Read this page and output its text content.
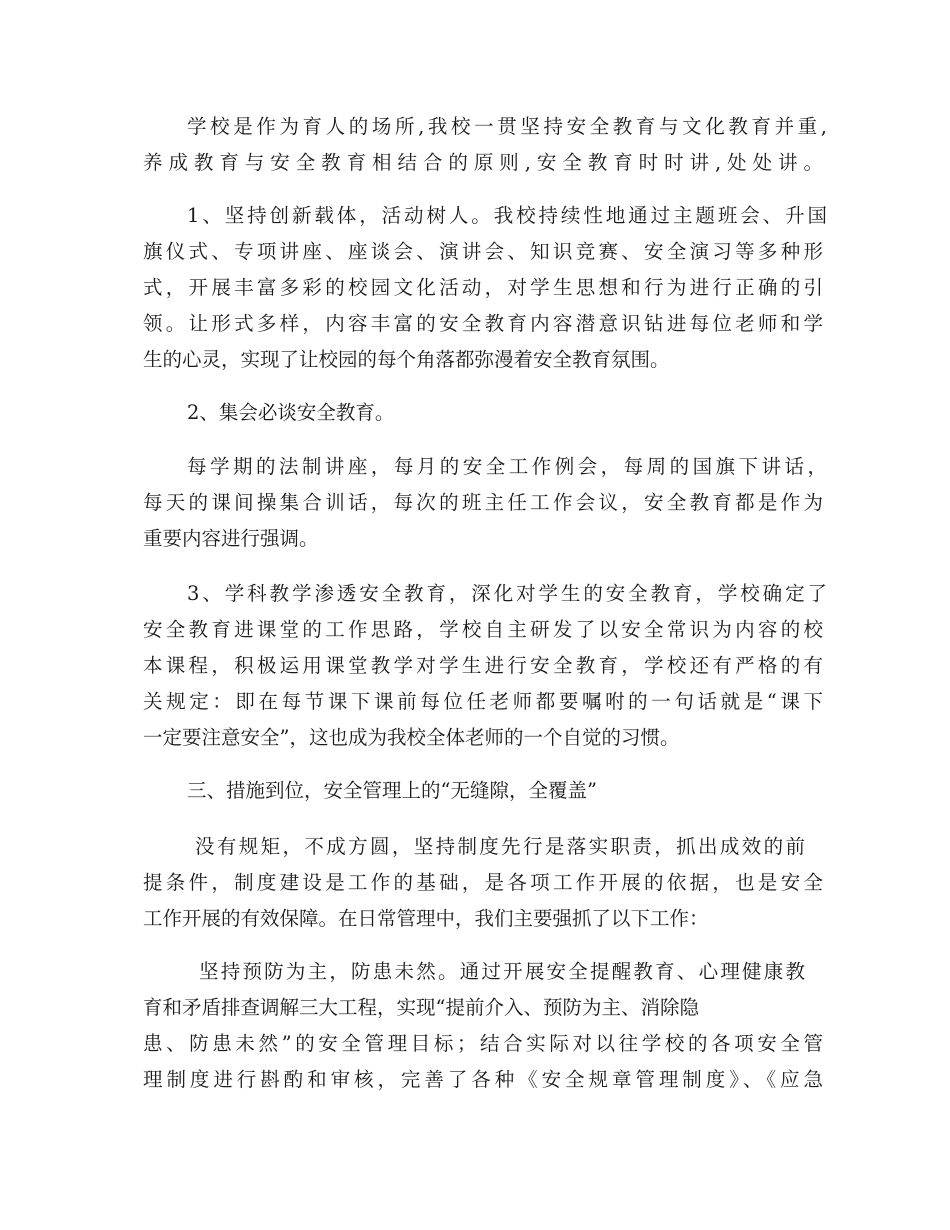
学校是作为育人的场所,我校一贯坚持安全教育与文化教育并重,
养成教育与安全教育相结合的原则,安全教育时时讲,处处讲。
1、坚持创新载体，活动树人。我校持续性地通过主题班会、升国
旗仪式、专项讲座、座谈会、演讲会、知识竞赛、安全演习等多种形
式，开展丰富多彩的校园文化活动，对学生思想和行为进行正确的引
领。让形式多样，内容丰富的安全教育内容潜意识钻进每位老师和学
生的心灵，实现了让校园的每个角落都弥漫着安全教育氛围。
2、集会必谈安全教育。
每学期的法制讲座，每月的安全工作例会，每周的国旗下讲话，
每天的课间操集合训话，每次的班主任工作会议，安全教育都是作为
重要内容进行强调。
3、学科教学渗透安全教育，深化对学生的安全教育，学校确定了
安全教育进课堂的工作思路，学校自主研发了以安全常识为内容的校
本课程，积极运用课堂教学对学生进行安全教育，学校还有严格的有
关规定：即在每节课下课前每位任老师都要嘱咐的一句话就是“课下
一定要注意安全”，这也成为我校全体老师的一个自觉的习惯。
三、措施到位，安全管理上的“无缝隙，全覆盖”
没有规矩，不成方圆，坚持制度先行是落实职责，抓出成效的前
提条件，制度建设是工作的基础，是各项工作开展的依据，也是安全
工作开展的有效保障。在日常管理中，我们主要强抓了以下工作：
坚持预防为主，防患未然。通过开展安全提醒教育、心理健康教
育和矛盾排查调解三大工程，实现“提前介入、预防为主、消除隐
患、防患未然”的安全管理目标；结合实际对以往学校的各项安全管
理制度进行斟酌和审核，完善了各种《安全规章管理制度》、《应急
